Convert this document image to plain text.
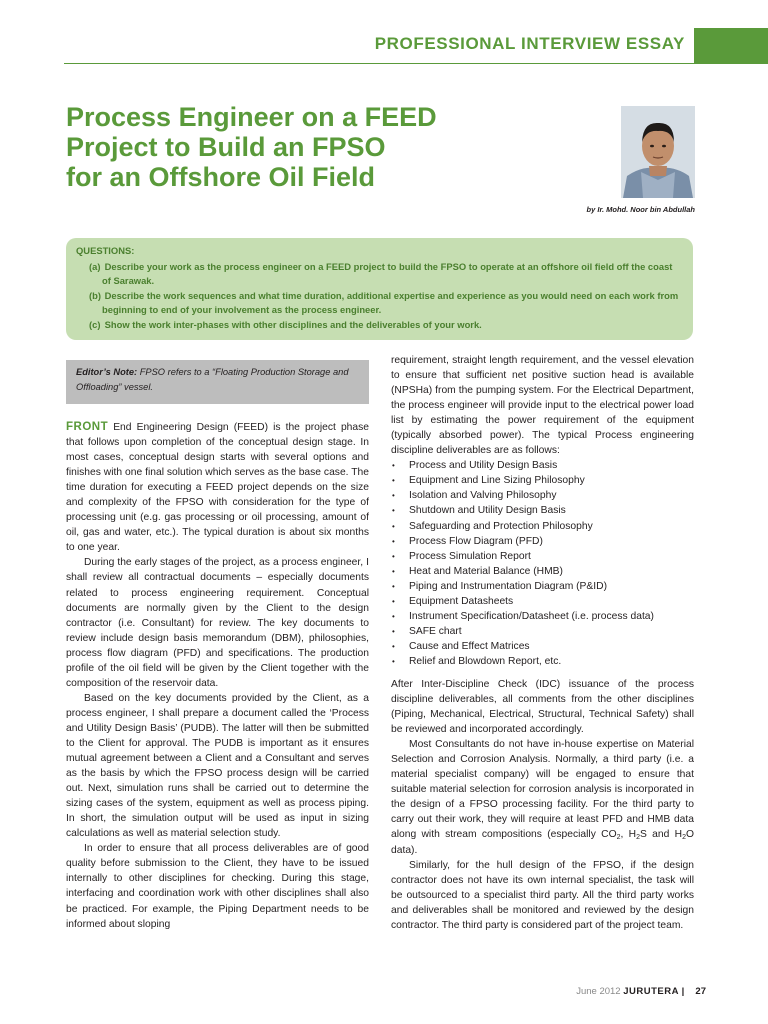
PROFESSIONAL INTERVIEW ESSAY
Process Engineer on a FEED
Project to Build an FPSO
for an Offshore Oil Field
by Ir. Mohd. Noor bin Abdullah
QUESTIONS:
(a) Describe your work as the process engineer on a FEED project to build the FPSO to operate at an offshore oil field off the coast of Sarawak.
(b) Describe the work sequences and what time duration, additional expertise and experience as you would need on each work from beginning to end of your involvement as the process engineer.
(c) Show the work inter-phases with other disciplines and the deliverables of your work.
Editor’s Note: FPSO refers to a “Floating Production Storage and Offloading” vessel.

FRONT End Engineering Design (FEED) is the project phase that follows upon completion of the conceptual design stage. In most cases, conceptual design starts with several options and finishes with one final solution which serves as the base case. The time duration for executing a FEED project depends on the size and complexity of the FPSO with consideration for the type of processing unit (e.g. gas processing or oil processing, amount of oil, gas and water, etc.). The typical duration is about six months to one year.

During the early stages of the project, as a process engineer, I shall review all contractual documents – especially documents related to process engineering requirement. Conceptual documents are normally given by the Client to the design contractor (i.e. Consultant) for review. The key documents to review include design basis memorandum (DBM), philosophies, process flow diagram (PFD) and specifications. The production profile of the oil field will be given by the Client together with the composition of the reservoir data.

Based on the key documents provided by the Client, as a process engineer, I shall prepare a document called the ‘Process and Utility Design Basis’ (PUDB). The latter will then be submitted to the Client for approval. The PUDB is important as it ensures mutual agreement between a Client and a Consultant and serves as the basis by which the FPSO process design will be carried out. Next, simulation runs shall be carried out to determine the sizing cases of the system, equipment as well as process piping. In short, the simulation output will be used as input in sizing calculations as well as material selection study.

In order to ensure that all process deliverables are of good quality before submission to the Client, they have to be issued internally to other disciplines for checking. During this stage, interfacing and coordination work with other disciplines shall also be practiced. For example, the Piping Department needs to be informed about sloping

requirement, straight length requirement, and the vessel elevation to ensure that sufficient net positive suction head is available (NPSHa) from the pumping system. For the Electrical Department, the process engineer will provide input to the electrical power load list by estimating the power requirement of the equipment (typically absorbed power). The typical Process engineering discipline deliverables are as follows:

• Process and Utility Design Basis
• Equipment and Line Sizing Philosophy
• Isolation and Valving Philosophy
• Shutdown and Utility Design Basis
• Safeguarding and Protection Philosophy
• Process Flow Diagram (PFD)
• Process Simulation Report
• Heat and Material Balance (HMB)
• Piping and Instrumentation Diagram (P&ID)
• Equipment Datasheets
• Instrument Specification/Datasheet (i.e. process data)
• SAFE chart
• Cause and Effect Matrices
• Relief and Blowdown Report, etc.

After Inter-Discipline Check (IDC) issuance of the process discipline deliverables, all comments from the other disciplines (Piping, Mechanical, Electrical, Structural, Technical Safety) shall be reviewed and incorporated accordingly.

Most Consultants do not have in-house expertise on Material Selection and Corrosion Analysis. Normally, a third party (i.e. a material specialist company) will be engaged to ensure that suitable material selection for corrosion analysis is incorporated in the design of a FPSO processing facility. For the third party to carry out their work, they will require at least PFD and HMB data along with stream compositions (especially $CO_2$, $H_2S$ and $H_2O$ data).

Similarly, for the hull design of the FPSO, if the design contractor does not have its own internal specialist, the task will be outsourced to a specialist third party. All the third party works and deliverables shall be monitored and reviewed by the design contractor. The third party is considered part of the project team.

June 2012 JURUTERA | 27
